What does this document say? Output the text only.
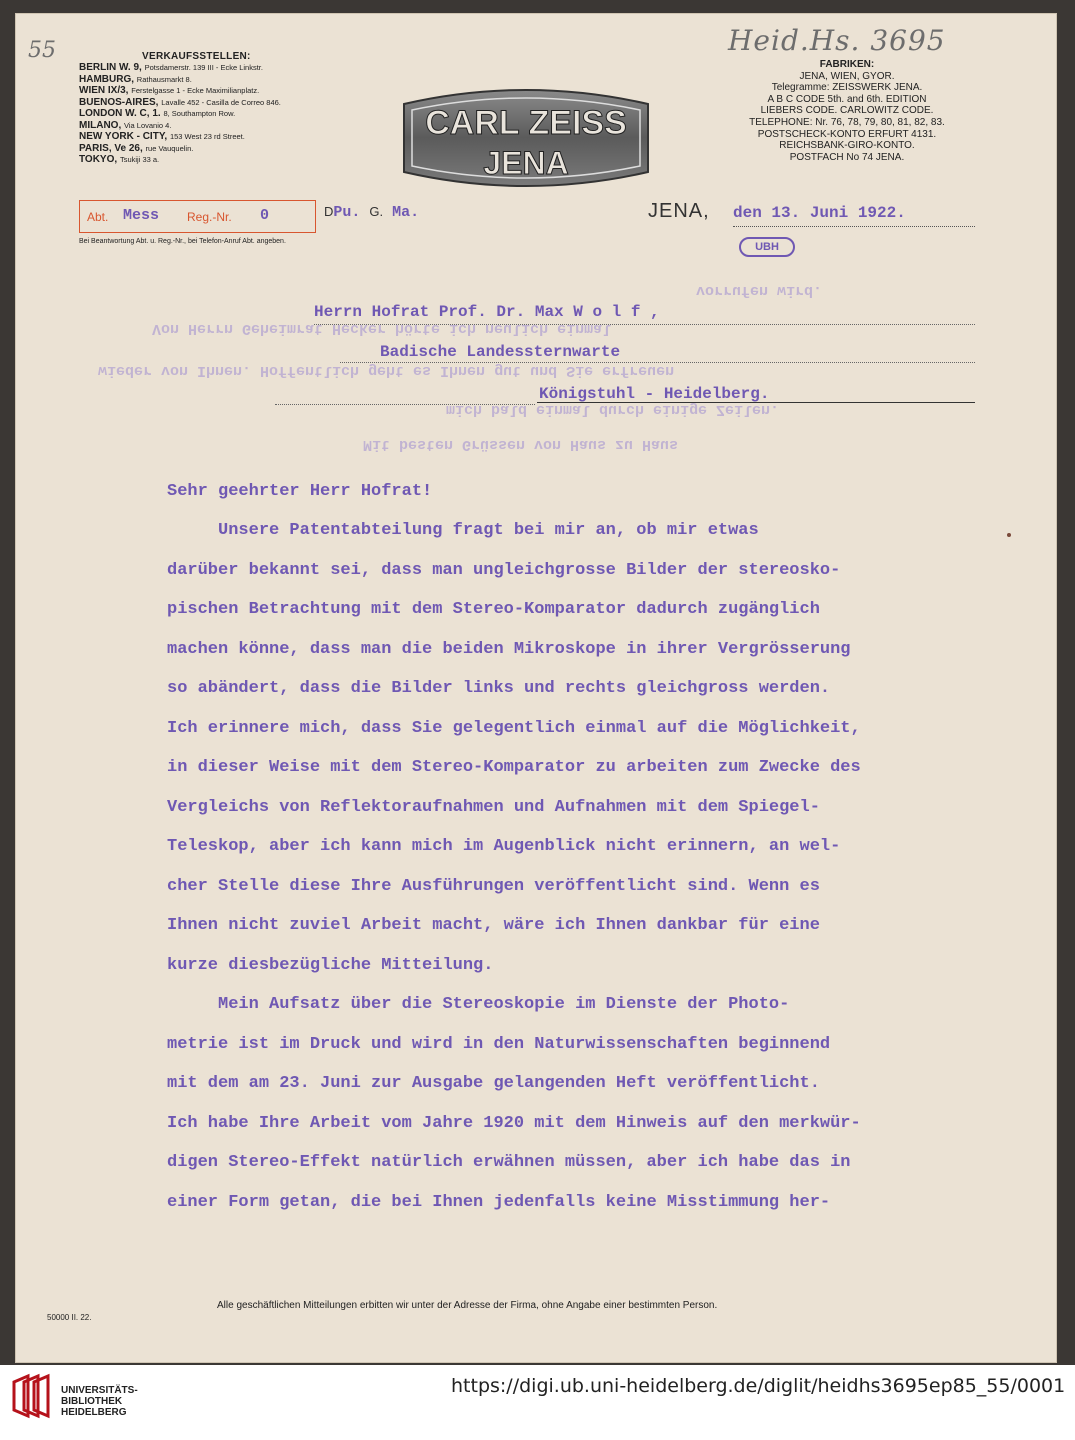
55	Heid.Hs. 3695
VERKAUFSSTELLEN:
BERLIN W. 9, Potsdamerstr. 139 III - Ecke Linkstr.
HAMBURG, Rathausmarkt 8.
WIEN IX/3, Ferstelgasse 1 - Ecke Maximilianplatz.
BUENOS-AIRES, Lavalle 452 - Casilla de Correo 846.
LONDON W. C, 1. 8, Southampton Row.
MILANO, Via Lovanio 4.
NEW YORK - CITY, 153 West 23 rd Street.
PARIS, Ve 26, rue Vauquelin.
TOKYO, Tsukiji 33 a.
CARL ZEISS
JENA
FABRIKEN:
JENA, WIEN, GYOR.
Telegramme: ZEISSWERK JENA.
A B C CODE 5th. and 6th. EDITION
LIEBERS CODE. CARLOWITZ CODE.
TELEPHONE: Nr. 76, 78, 79, 80, 81, 82, 83.
POSTSCHECK-KONTO ERFURT 4131.
REICHSBANK-GIRO-KONTO.
POSTFACH No 74 JENA.
Abt. Mess Reg.-Nr. 0
Bei Beantwortung Abt. u. Reg.-Nr., bei Telefon-Anruf Abt. angeben.
DPu. G. Ma.	JENA, den 13. Juni 1922.
UBH
vorrufen wird.
Von Herrn Geheimrat Hecker hörte ich neulich einmal
wieder von Ihnen. Hoffentlich geht es Ihnen gut und Sie erfreuen
mich bald einmal durch einige Zeilen.
Mit besten Grüssen von Haus zu Haus
Herrn Hofrat Prof. Dr. Max W o l f ,
Badische Landessternwarte
Königstuhl - Heidelberg.
Sehr geehrter Herr Hofrat!
Unsere Patentabteilung fragt bei mir an, ob mir etwas
darüber bekannt sei, dass man ungleichgrosse Bilder der stereosko-
pischen Betrachtung mit dem Stereo-Komparator dadurch zugänglich
machen könne, dass man die beiden Mikroskope in ihrer Vergrösserung
so abändert, dass die Bilder links und rechts gleichgross werden.
Ich erinnere mich, dass Sie gelegentlich einmal auf die Möglichkeit,
in dieser Weise mit dem Stereo-Komparator zu arbeiten zum Zwecke des
Vergleichs von Reflektoraufnahmen und Aufnahmen mit dem Spiegel-
Teleskop, aber ich kann mich im Augenblick nicht erinnern, an wel-
cher Stelle diese Ihre Ausführungen veröffentlicht sind. Wenn es
Ihnen nicht zuviel Arbeit macht, wäre ich Ihnen dankbar für eine
kurze diesbezügliche Mitteilung.
Mein Aufsatz über die Stereoskopie im Dienste der Photo-
metrie ist im Druck und wird in den Naturwissenschaften beginnend
mit dem am 23. Juni zur Ausgabe gelangenden Heft veröffentlicht.
Ich habe Ihre Arbeit vom Jahre 1920 mit dem Hinweis auf den merkwür-
digen Stereo-Effekt natürlich erwähnen müssen, aber ich habe das in
einer Form getan, die bei Ihnen jedenfalls keine Misstimmung her-
Alle geschäftlichen Mitteilungen erbitten wir unter der Adresse der Firma, ohne Angabe einer bestimmten Person.
50000 II. 22.
UNIVERSITÄTS-
BIBLIOTHEK
HEIDELBERG
https://digi.ub.uni-heidelberg.de/diglit/heidhs3695ep85_55/0001
